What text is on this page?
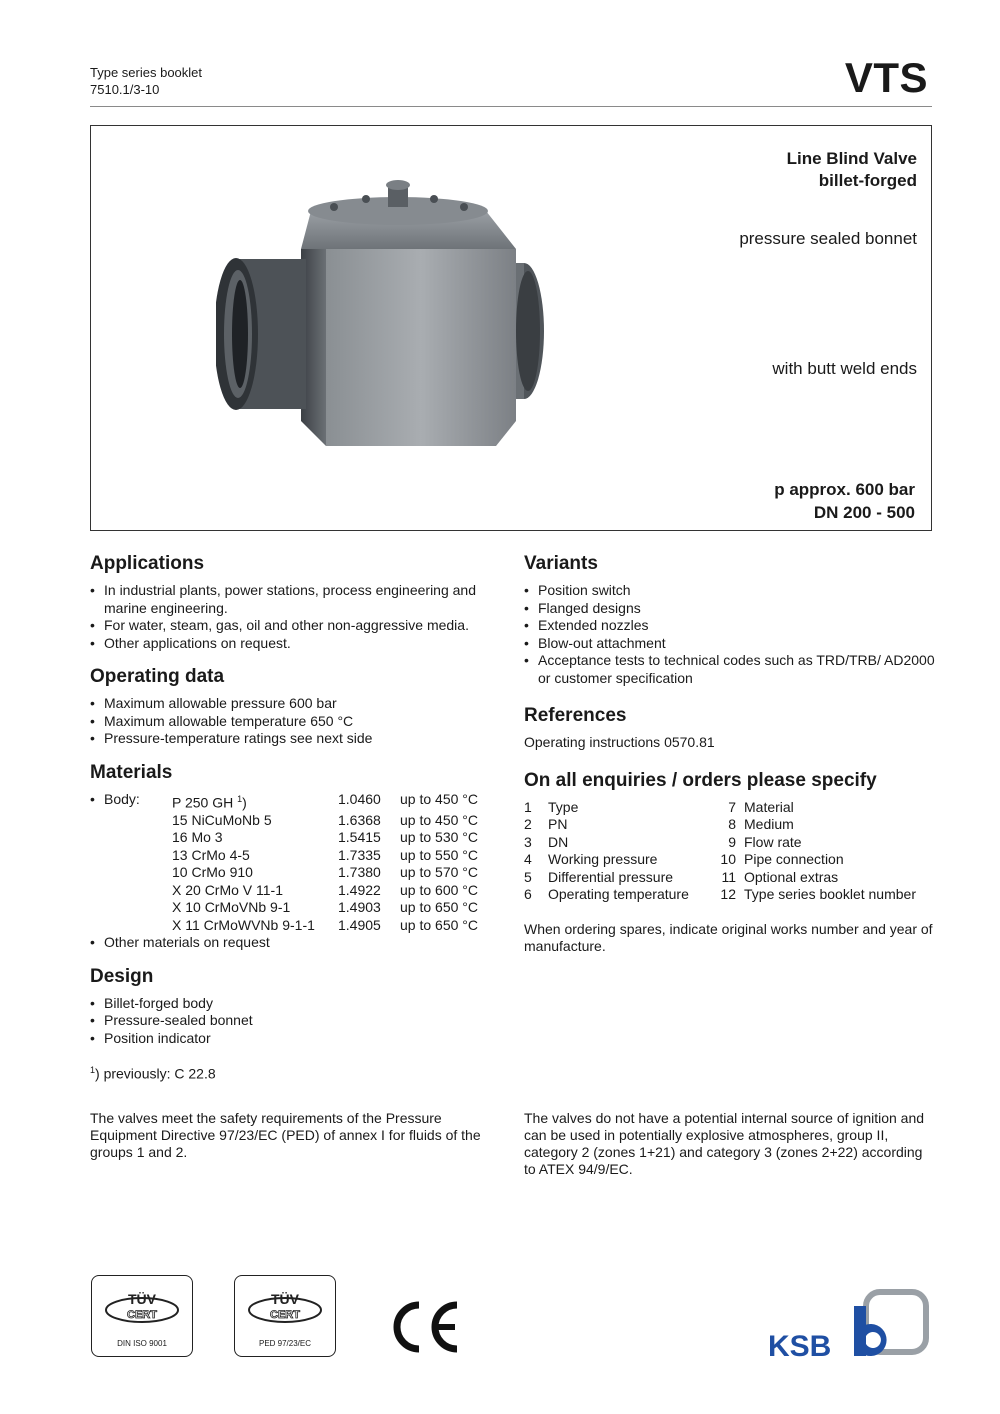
Type series booklet
7510.1/3-10	VTS
Line Blind Valve
billet-forged
pressure sealed bonnet
with butt weld ends
p approx. 600 bar
DN 200 - 500
Applications
• In industrial plants, power stations, process engineering and marine engineering.
• For water, steam, gas, oil and other non-aggressive media.
• Other applications on request.
Operating data
• Maximum allowable pressure 600 bar
• Maximum allowable temperature 650 °C
• Pressure-temperature ratings see next side
Materials
• Body:	P 250 GH $^1$)	1.0460	up to 450 °C
	15 NiCuMoNb 5	1.6368	up to 450 °C
	16 Mo 3	1.5415	up to 530 °C
	13 CrMo 4-5	1.7335	up to 550 °C
	10 CrMo 910	1.7380	up to 570 °C
	X 20 CrMo V 11-1	1.4922	up to 600 °C
	X 10 CrMoVNb 9-1	1.4903	up to 650 °C
	X 11 CrMoWVNb 9-1-1	1.4905	up to 650 °C
• Other materials on request
Design
• Billet-forged body
• Pressure-sealed bonnet
• Position indicator

$^1$) previously: C 22.8

Variants
• Position switch
• Flanged designs
• Extended nozzles
• Blow-out attachment
• Acceptance tests to technical codes such as TRD/TRB/ AD2000 or customer specification
References

Operating instructions 0570.81

On all enquiries / orders please specify
1	Type	7	Material
2	PN	8	Medium
3	DN	9	Flow rate
4	Working pressure	10	Pipe connection
5	Differential pressure	11	Optional extras
6	Operating temperature	12	Type series booklet number

When ordering spares, indicate original works number and year of manufacture.

The valves meet the safety requirements of the Pressure Equipment Directive 97/23/EC (PED) of annex I for fluids of the groups 1 and 2.
The valves do not have a potential internal source of ignition and can be used in potentially explosive atmospheres, group II, category 2 (zones 1+21) and category 3 (zones 2+22) according to ATEX 94/9/EC.
TÜV
CERT
DIN ISO 9001
TÜV
CERT
PED 97/23/EC	KSB
